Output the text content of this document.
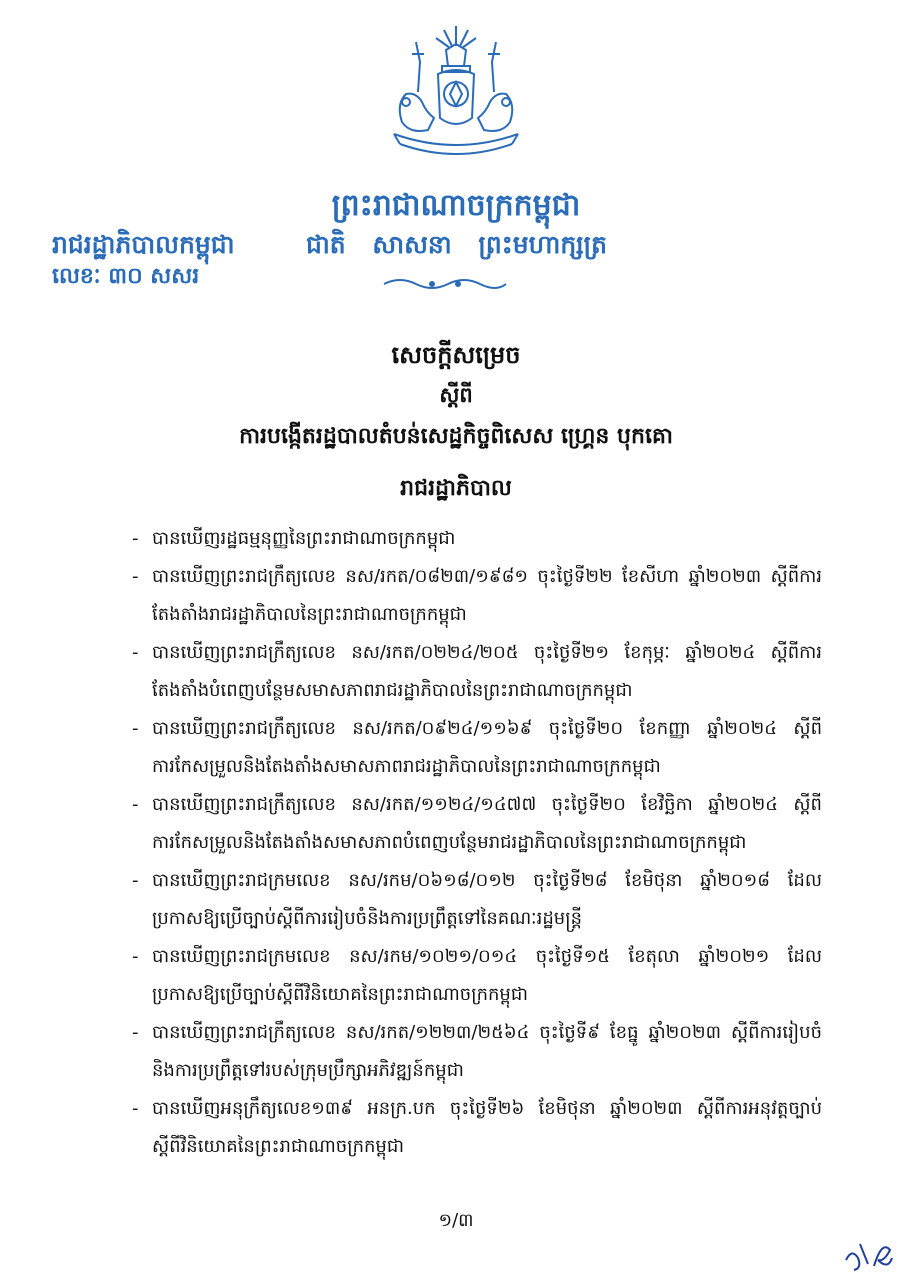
ព្រះរាជាណាចក្រកម្ពុជា
រាជរដ្ឋាភិបាលកម្ពុជា	ជាតិ សាសនា ព្រះមហាក្សត្រ
លេខៈ ៣០ សសរ
សេចក្តីសម្រេច
ស្តីពី
ការបង្កើតរដ្ឋបាលតំបន់សេដ្ឋកិច្ចពិសេស ហ្គ្រេន បុកគោ
រាជរដ្ឋាភិបាល
- បានឃើញរដ្ឋធម្មនុញ្ញនៃព្រះរាជាណាចក្រកម្ពុជា
- បានឃើញព្រះរាជក្រឹត្យលេខ នស/រកត/០៨២៣/១៩៨១ ចុះថ្ងៃទី២២ ខែសីហា ឆ្នាំ២០២៣ ស្តីពីការតែងតាំងរាជរដ្ឋាភិបាលនៃព្រះរាជាណាចក្រកម្ពុជា
- បានឃើញព្រះរាជក្រឹត្យលេខ នស/រកត/០២២៤/២០៥ ចុះថ្ងៃទី២១ ខែកុម្ភៈ ឆ្នាំ២០២៤ ស្តីពីការតែងតាំងបំពេញបន្ថែមសមាសភាពរាជរដ្ឋាភិបាលនៃព្រះរាជាណាចក្រកម្ពុជា
- បានឃើញព្រះរាជក្រឹត្យលេខ នស/រកត/០៩២៤/១១៦៩ ចុះថ្ងៃទី២០ ខែកញ្ញា ឆ្នាំ២០២៤ ស្តីពីការកែសម្រួលនិងតែងតាំងសមាសភាពរាជរដ្ឋាភិបាលនៃព្រះរាជាណាចក្រកម្ពុជា
- បានឃើញព្រះរាជក្រឹត្យលេខ នស/រកត/១១២៤/១៤៧៧ ចុះថ្ងៃទី២០ ខែវិច្ឆិកា ឆ្នាំ២០២៤ ស្តីពីការកែសម្រួលនិងតែងតាំងសមាសភាពបំពេញបន្ថែមរាជរដ្ឋាភិបាលនៃព្រះរាជាណាចក្រកម្ពុជា
- បានឃើញព្រះរាជក្រមលេខ នស/រកម/០៦១៨/០១២ ចុះថ្ងៃទី២៨ ខែមិថុនា ឆ្នាំ២០១៨ ដែលប្រកាសឱ្យប្រើច្បាប់ស្តីពីការរៀបចំនិងការប្រព្រឹត្តទៅនៃគណៈរដ្ឋមន្ត្រី
- បានឃើញព្រះរាជក្រមលេខ នស/រកម/១០២១/០១៤ ចុះថ្ងៃទី១៥ ខែតុលា ឆ្នាំ២០២១ ដែលប្រកាសឱ្យប្រើច្បាប់ស្តីពីវិនិយោគនៃព្រះរាជាណាចក្រកម្ពុជា
- បានឃើញព្រះរាជក្រឹត្យលេខ នស/រកត/១២២៣/២៥៦៤ ចុះថ្ងៃទី៩ ខែធ្នូ ឆ្នាំ២០២៣ ស្តីពីការរៀបចំនិងការប្រព្រឹត្តទៅរបស់ក្រុមប្រឹក្សាអភិវឌ្ឍន៍កម្ពុជា
- បានឃើញអនុក្រឹត្យលេខ១៣៩ អនក្រ.បក ចុះថ្ងៃទី២៦ ខែមិថុនា ឆ្នាំ២០២៣ ស្តីពីការអនុវត្តច្បាប់ស្តីពីវិនិយោគនៃព្រះរាជាណាចក្រកម្ពុជា
១/៣
